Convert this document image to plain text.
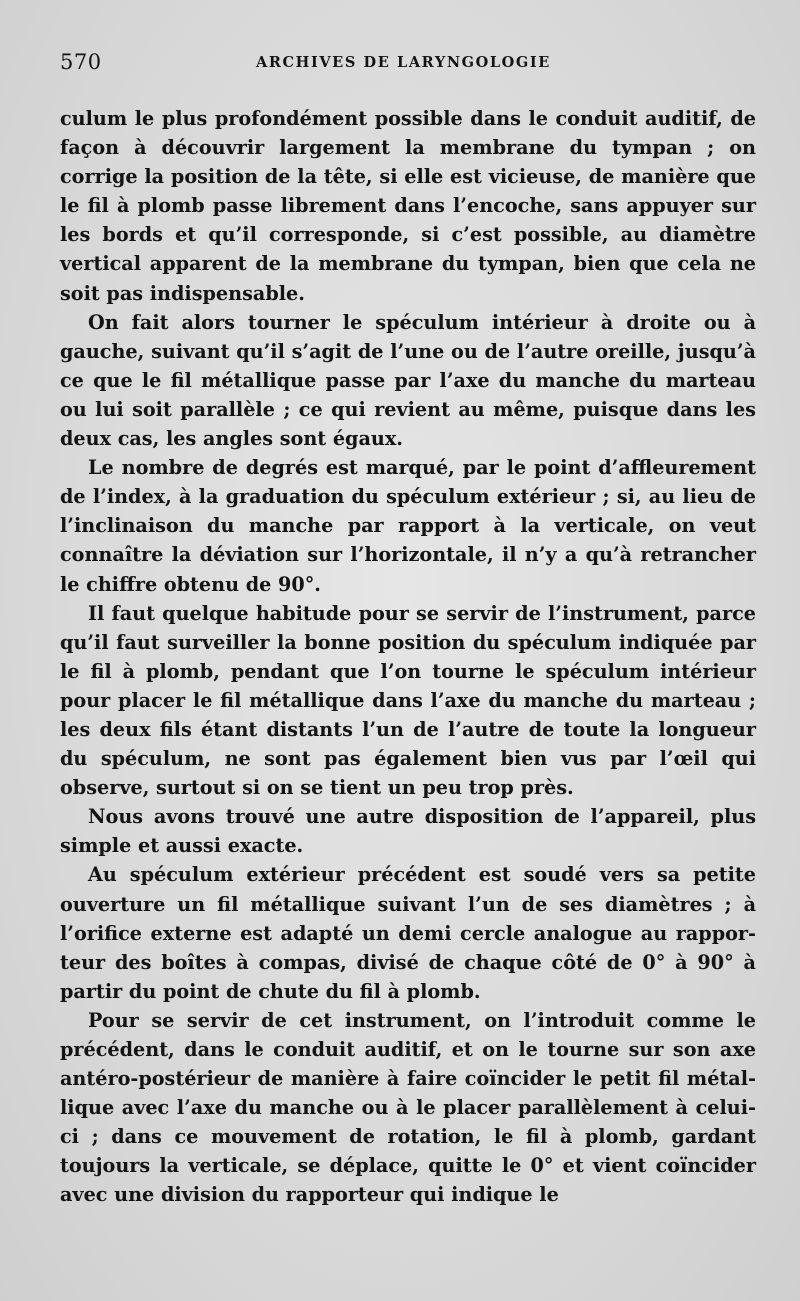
570	ARCHIVES DE LARYNGOLOGIE

culum le plus profondément possible dans le conduit auditif, de façon à découvrir largement la membrane du tympan ; on corrige la position de la tête, si elle est vicieuse, de manière que le fil à plomb passe librement dans l’encoche, sans appuyer sur les bords et qu’il corresponde, si c’est possible, au diamètre vertical apparent de la membrane du tympan, bien que cela ne soit pas indispensable.

On fait alors tourner le spéculum intérieur à droite ou à gauche, suivant qu’il s’agit de l’une ou de l’autre oreille, jusqu’à ce que le fil métallique passe par l’axe du manche du marteau ou lui soit parallèle ; ce qui revient au même, puisque dans les deux cas, les angles sont égaux.

Le nombre de degrés est marqué, par le point d’affleurement de l’index, à la graduation du spéculum extérieur ; si, au lieu de l’inclinaison du manche par rapport à la verticale, on veut connaître la déviation sur l’horizontale, il n’y a qu’à retrancher le chiffre obtenu de 90°.

Il faut quelque habitude pour se servir de l’instrument, parce qu’il faut surveiller la bonne position du spéculum indiquée par le fil à plomb, pendant que l’on tourne le spéculum intérieur pour placer le fil métallique dans l’axe du manche du marteau ; les deux fils étant distants l’un de l’autre de toute la longueur du spéculum, ne sont pas également bien vus par l’œil qui observe, surtout si on se tient un peu trop près.

Nous avons trouvé une autre disposition de l’appareil, plus simple et aussi exacte.

Au spéculum extérieur précédent est soudé vers sa petite ouverture un fil métallique suivant l’un de ses diamètres ; à l’orifice externe est adapté un demi cercle analogue au rapporteur des boîtes à compas, divisé de chaque côté de 0° à 90° à partir du point de chute du fil à plomb.

Pour se servir de cet instrument, on l’introduit comme le précédent, dans le conduit auditif, et on le tourne sur son axe antéro-postérieur de manière à faire coïncider le petit fil métallique avec l’axe du manche ou à le placer parallèlement à celui-ci ; dans ce mouvement de rotation, le fil à plomb, gardant toujours la verticale, se déplace, quitte le 0° et vient coïncider avec une division du rapporteur qui indique le
